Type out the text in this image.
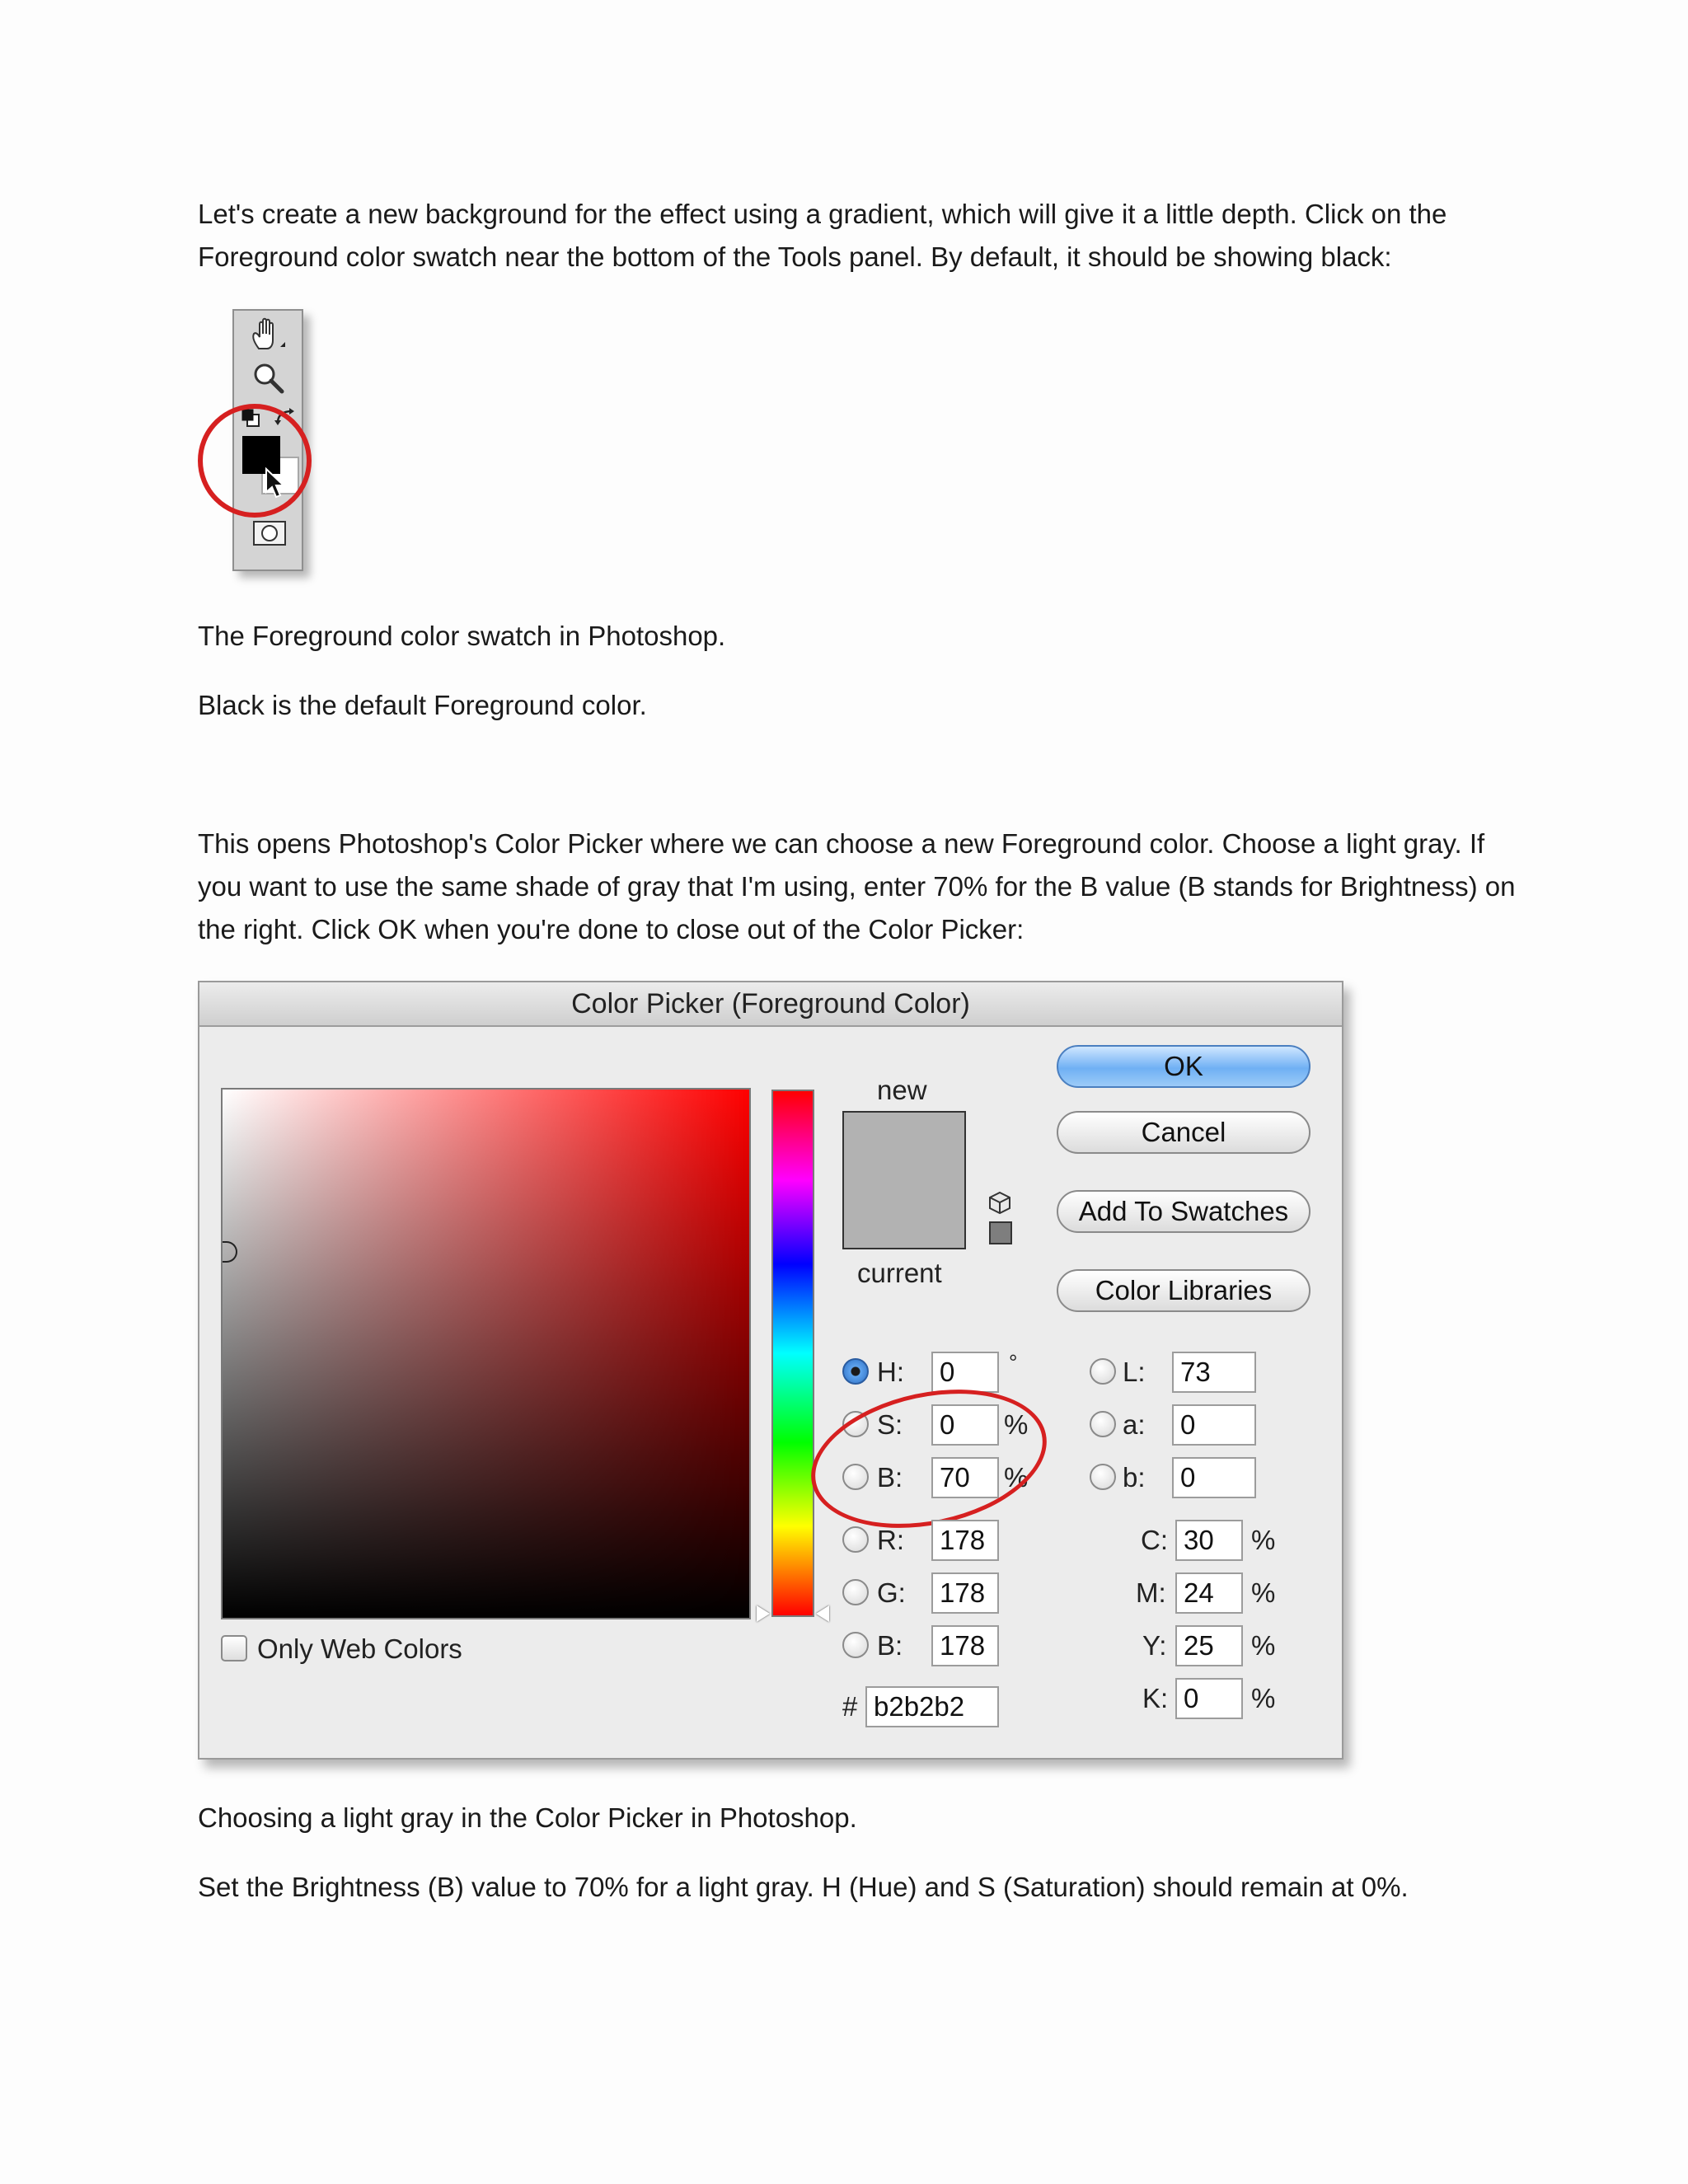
Let's create a new background for the effect using a gradient, which will give it a little depth. Click on the Foreground color swatch near the bottom of the Tools panel. By default, it should be showing black:

The Foreground color swatch in Photoshop.

Black is the default Foreground color.

This opens Photoshop's Color Picker where we can choose a new Foreground color. Choose a light gray. If you want to use the same shade of gray that I'm using, enter 70% for the B value (B stands for Brightness) on the right. Click OK when you're done to close out of the Color Picker:

Color Picker (Foreground Color)
new
current
OK
Cancel
Add To Swatches
Color Libraries
H:	0	°
S:	0	%
B:	70	%
R:	178
G:	178
B:	178
# b2b2b2
L:	73
a:	0
b:	0
C: 30	%
M: 24	%
Y: 25	%
K: 0	%
Only Web Colors

Choosing a light gray in the Color Picker in Photoshop.

Set the Brightness (B) value to 70% for a light gray. H (Hue) and S (Saturation) should remain at 0%.
